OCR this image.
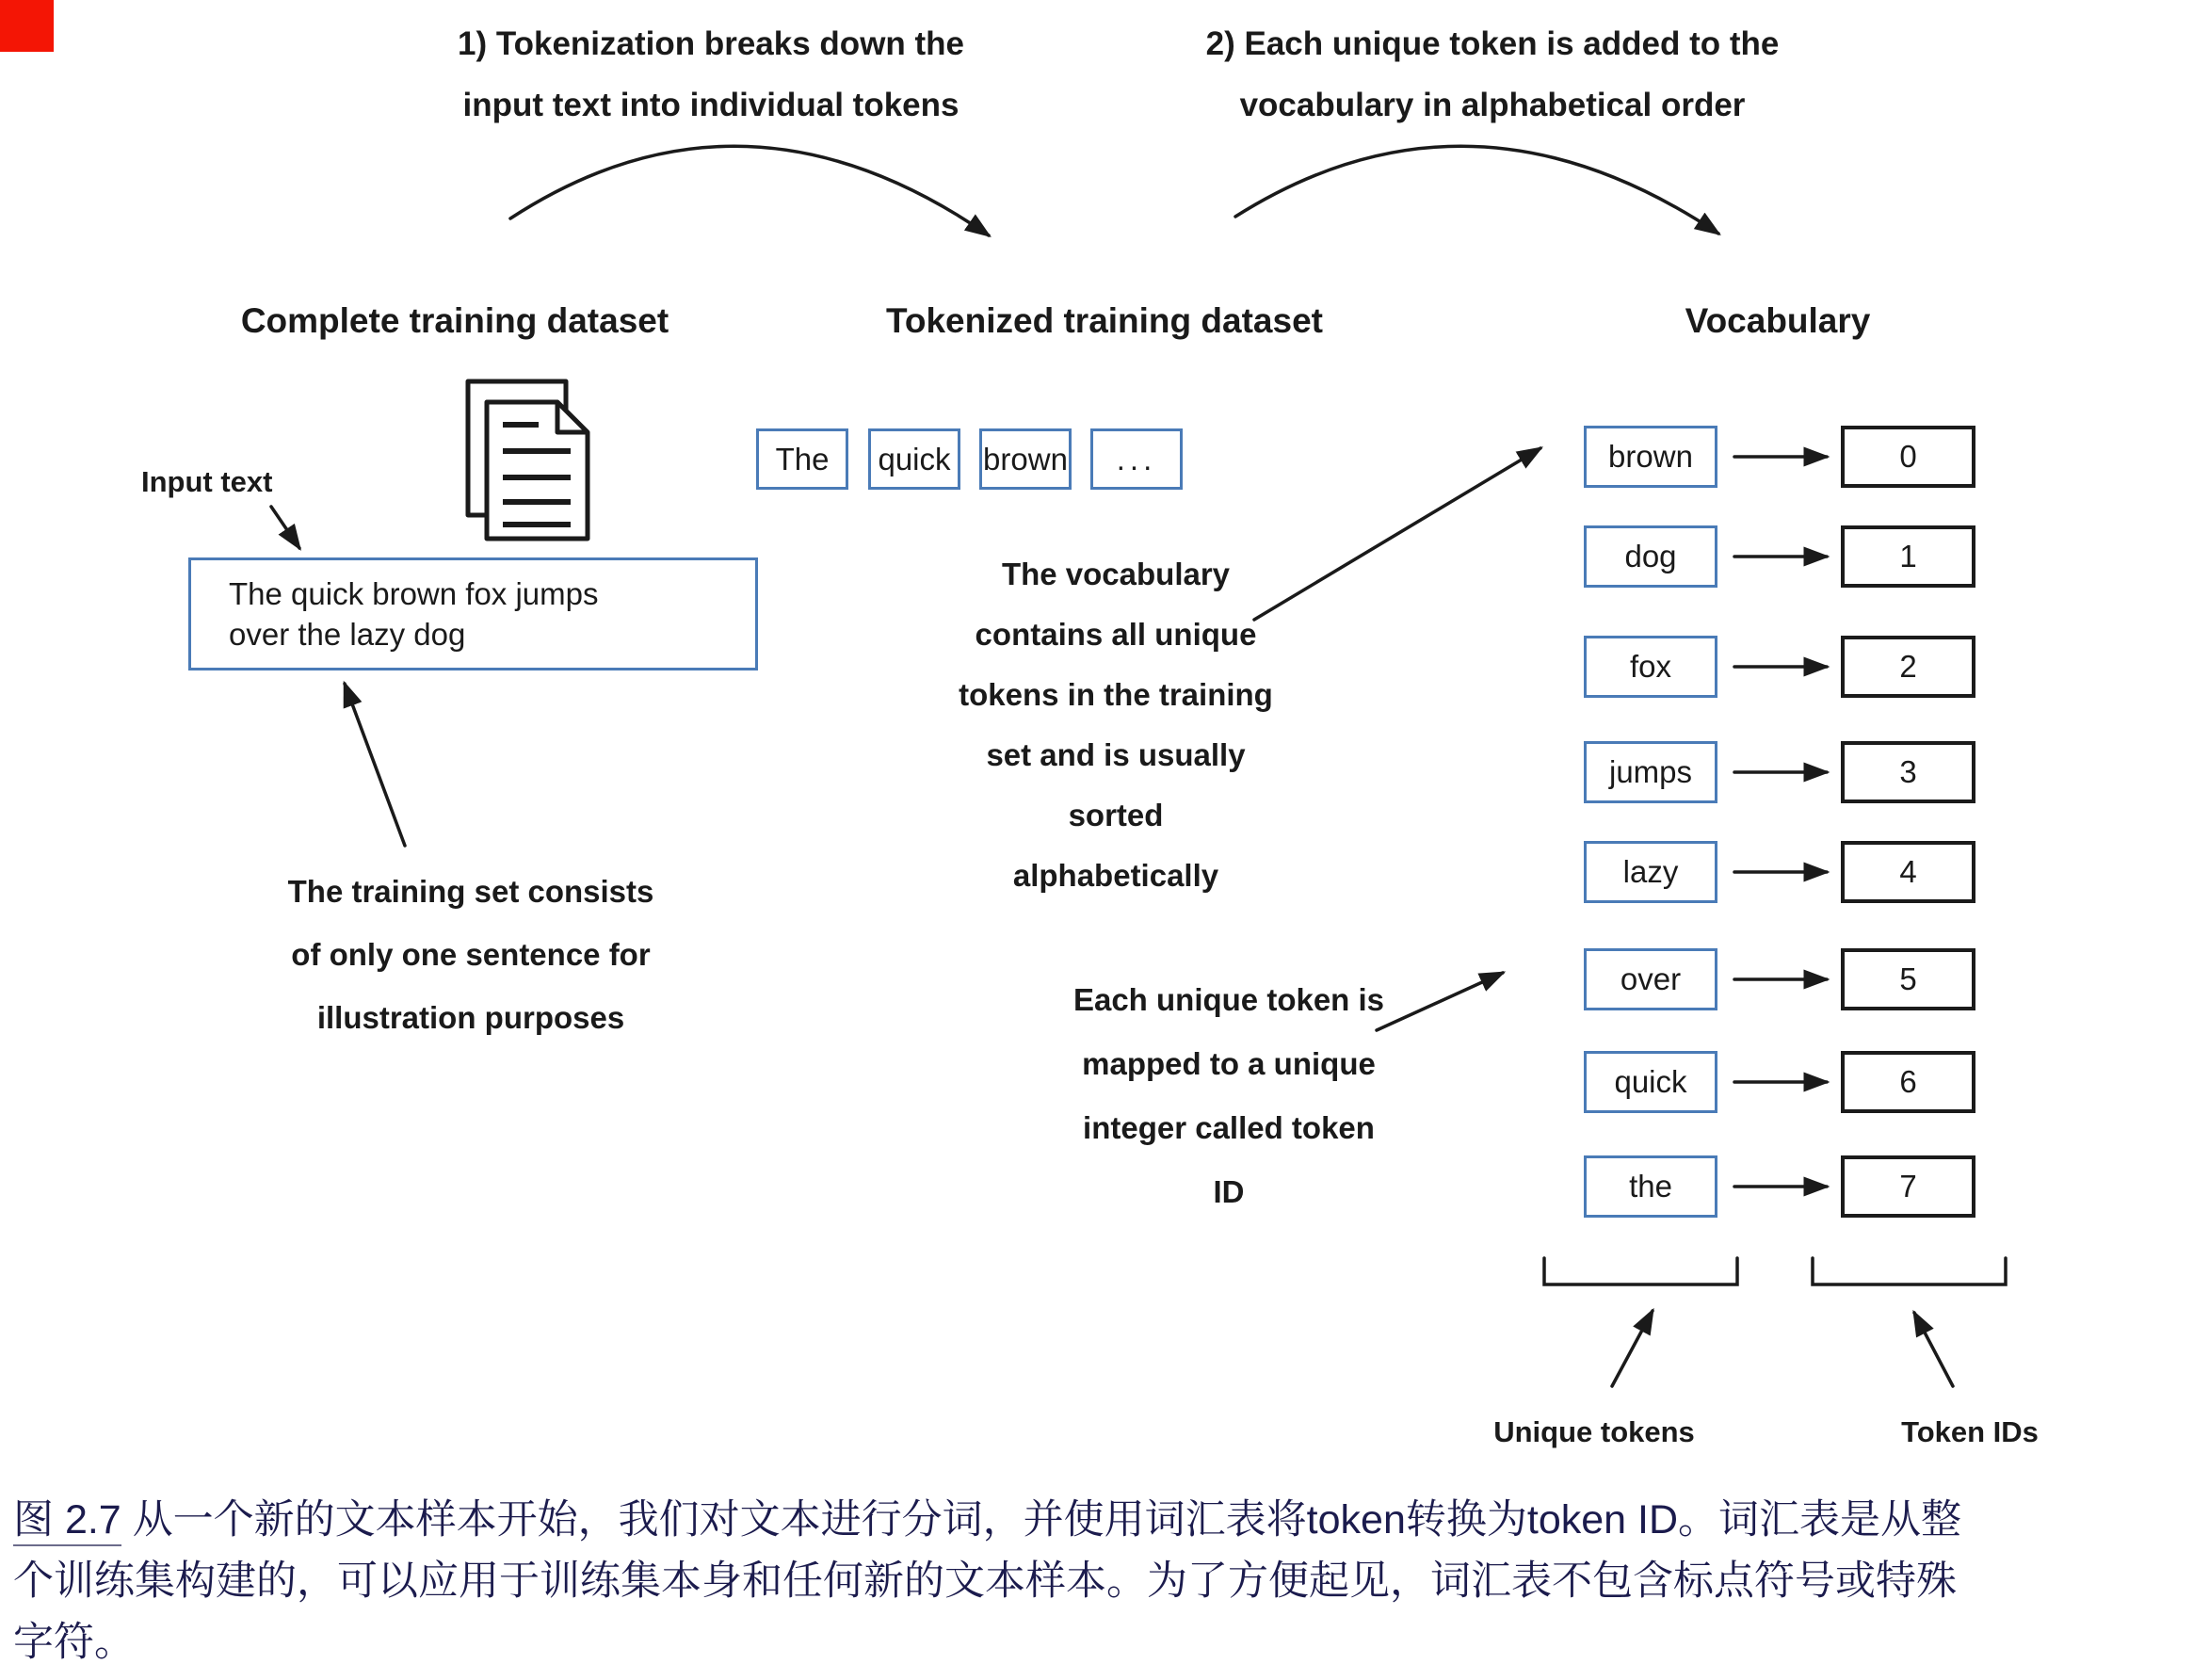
1) Tokenization breaks down the
input text into individual tokens
2) Each unique token is added to the
vocabulary in alphabetical order
Complete training dataset	Tokenized training dataset	Vocabulary
Input text
The quick brown fox jumps
over the lazy dog
The training set consists
of only one sentence for
illustration purposes
The	quick	brown	...
The vocabulary
contains all unique
tokens in the training
set and is usually
sorted
alphabetically
Each unique token is
mapped to a unique
integer called token
ID
brown	0
dog	1
fox	2
jumps	3
lazy	4
over	5
quick	6
the	7
Unique tokens	Token IDs
图 2.7 从一个新的文本样本开始，我们对文本进行分词，并使用词汇表将token转换为token ID。词汇表是从整
个训练集构建的，可以应用于训练集本身和任何新的文本样本。为了方便起见，词汇表不包含标点符号或特殊
字符。
